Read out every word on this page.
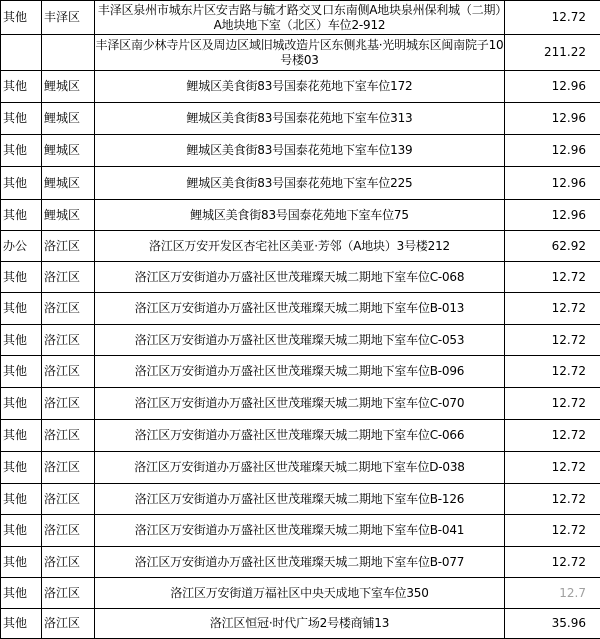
其他	丰泽区	丰泽区泉州市城东片区安吉路与毓才路交叉口东南侧A地块泉州保利城（二期）A地块地下室（北区）车位2-912	12.72
		丰泽区南少林寺片区及周边区域旧城改造片区东侧兆基·光明城东区闽南院子10号楼03	211.22
其他	鲤城区	鲤城区美食街83号国泰花苑地下室车位172	12.96
其他	鲤城区	鲤城区美食街83号国泰花苑地下室车位313	12.96
其他	鲤城区	鲤城区美食街83号国泰花苑地下室车位139	12.96
其他	鲤城区	鲤城区美食街83号国泰花苑地下室车位225	12.96
其他	鲤城区	鲤城区美食街83号国泰花苑地下室车位75	12.96
办公	洛江区	洛江区万安开发区杏宅社区美亚·芳邻（A地块）3号楼212	62.92
其他	洛江区	洛江区万安街道办万盛社区世茂璀璨天城二期地下室车位C-068	12.72
其他	洛江区	洛江区万安街道办万盛社区世茂璀璨天城二期地下室车位B-013	12.72
其他	洛江区	洛江区万安街道办万盛社区世茂璀璨天城二期地下室车位C-053	12.72
其他	洛江区	洛江区万安街道办万盛社区世茂璀璨天城二期地下室车位B-096	12.72
其他	洛江区	洛江区万安街道办万盛社区世茂璀璨天城二期地下室车位C-070	12.72
其他	洛江区	洛江区万安街道办万盛社区世茂璀璨天城二期地下室车位C-066	12.72
其他	洛江区	洛江区万安街道办万盛社区世茂璀璨天城二期地下室车位D-038	12.72
其他	洛江区	洛江区万安街道办万盛社区世茂璀璨天城二期地下室车位B-126	12.72
其他	洛江区	洛江区万安街道办万盛社区世茂璀璨天城二期地下室车位B-041	12.72
其他	洛江区	洛江区万安街道办万盛社区世茂璀璨天城二期地下室车位B-077	12.72
其他	洛江区	洛江区万安街道万福社区中央天成地下室车位350	12.7
其他	洛江区	洛江区恒冠·时代广场2号楼商铺13	35.96
